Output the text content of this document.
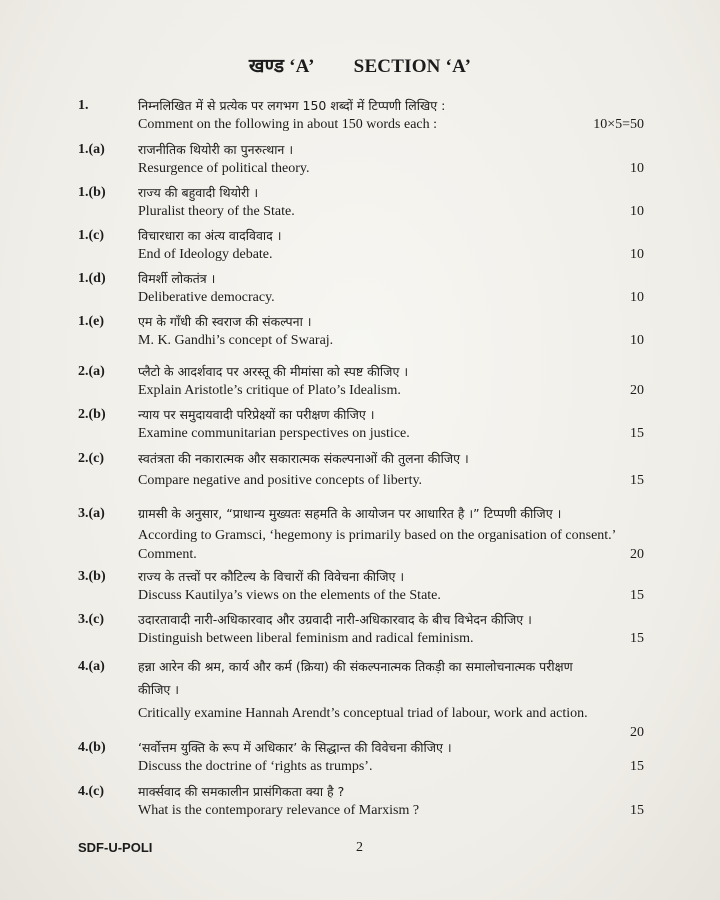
खण्ड ‘A’ SECTION ‘A’
1.	निम्नलिखित में से प्रत्येक पर लगभग 150 शब्दों में टिप्पणी लिखिए :
Comment on the following in about 150 words each :	10×5=50
1.(a)	राजनीतिक थियोरी का पुनरुत्थान ।
Resurgence of political theory.	10
1.(b)	राज्य की बहुवादी थियोरी ।
Pluralist theory of the State.	10
1.(c)	विचारधारा का अंत्य वादविवाद ।
End of Ideology debate.	10
1.(d)	विमर्शी लोकतंत्र ।
Deliberative democracy.	10
1.(e)	एम के गाँधी की स्वराज की संकल्पना ।
M. K. Gandhi’s concept of Swaraj.	10
2.(a)	प्लैटो के आदर्शवाद पर अरस्तू की मीमांसा को स्पष्ट कीजिए ।
Explain Aristotle’s critique of Plato’s Idealism.	20
2.(b)	न्याय पर समुदायवादी परिप्रेक्ष्यों का परीक्षण कीजिए ।
Examine communitarian perspectives on justice.	15
2.(c)	स्वतंत्रता की नकारात्मक और सकारात्मक संकल्पनाओं की तुलना कीजिए ।
Compare negative and positive concepts of liberty.	15
3.(a)	ग्रामसी के अनुसार, “प्राधान्य मुख्यतः सहमति के आयोजन पर आधारित है ।” टिप्पणी कीजिए ।
According to Gramsci, ‘hegemony is primarily based on the organisation of consent.’
Comment.	20
3.(b)	राज्य के तत्त्वों पर कौटिल्य के विचारों की विवेचना कीजिए ।
Discuss Kautilya’s views on the elements of the State.	15
3.(c)	उदारतावादी नारी-अधिकारवाद और उग्रवादी नारी-अधिकारवाद के बीच विभेदन कीजिए ।
Distinguish between liberal feminism and radical feminism.	15
4.(a)	हन्ना आरेन की श्रम, कार्य और कर्म (क्रिया) की संकल्पनात्मक तिकड़ी का समालोचनात्मक परीक्षण
कीजिए ।
Critically examine Hannah Arendt’s conceptual triad of labour, work and action.
20
4.(b)	‘सर्वोत्तम युक्ति के रूप में अधिकार’ के सिद्धान्त की विवेचना कीजिए ।
Discuss the doctrine of ‘rights as trumps’.	15
4.(c)	मार्क्सवाद की समकालीन प्रासंगिकता क्या है ?
What is the contemporary relevance of Marxism ?	15
SDF-U-POLI	2
